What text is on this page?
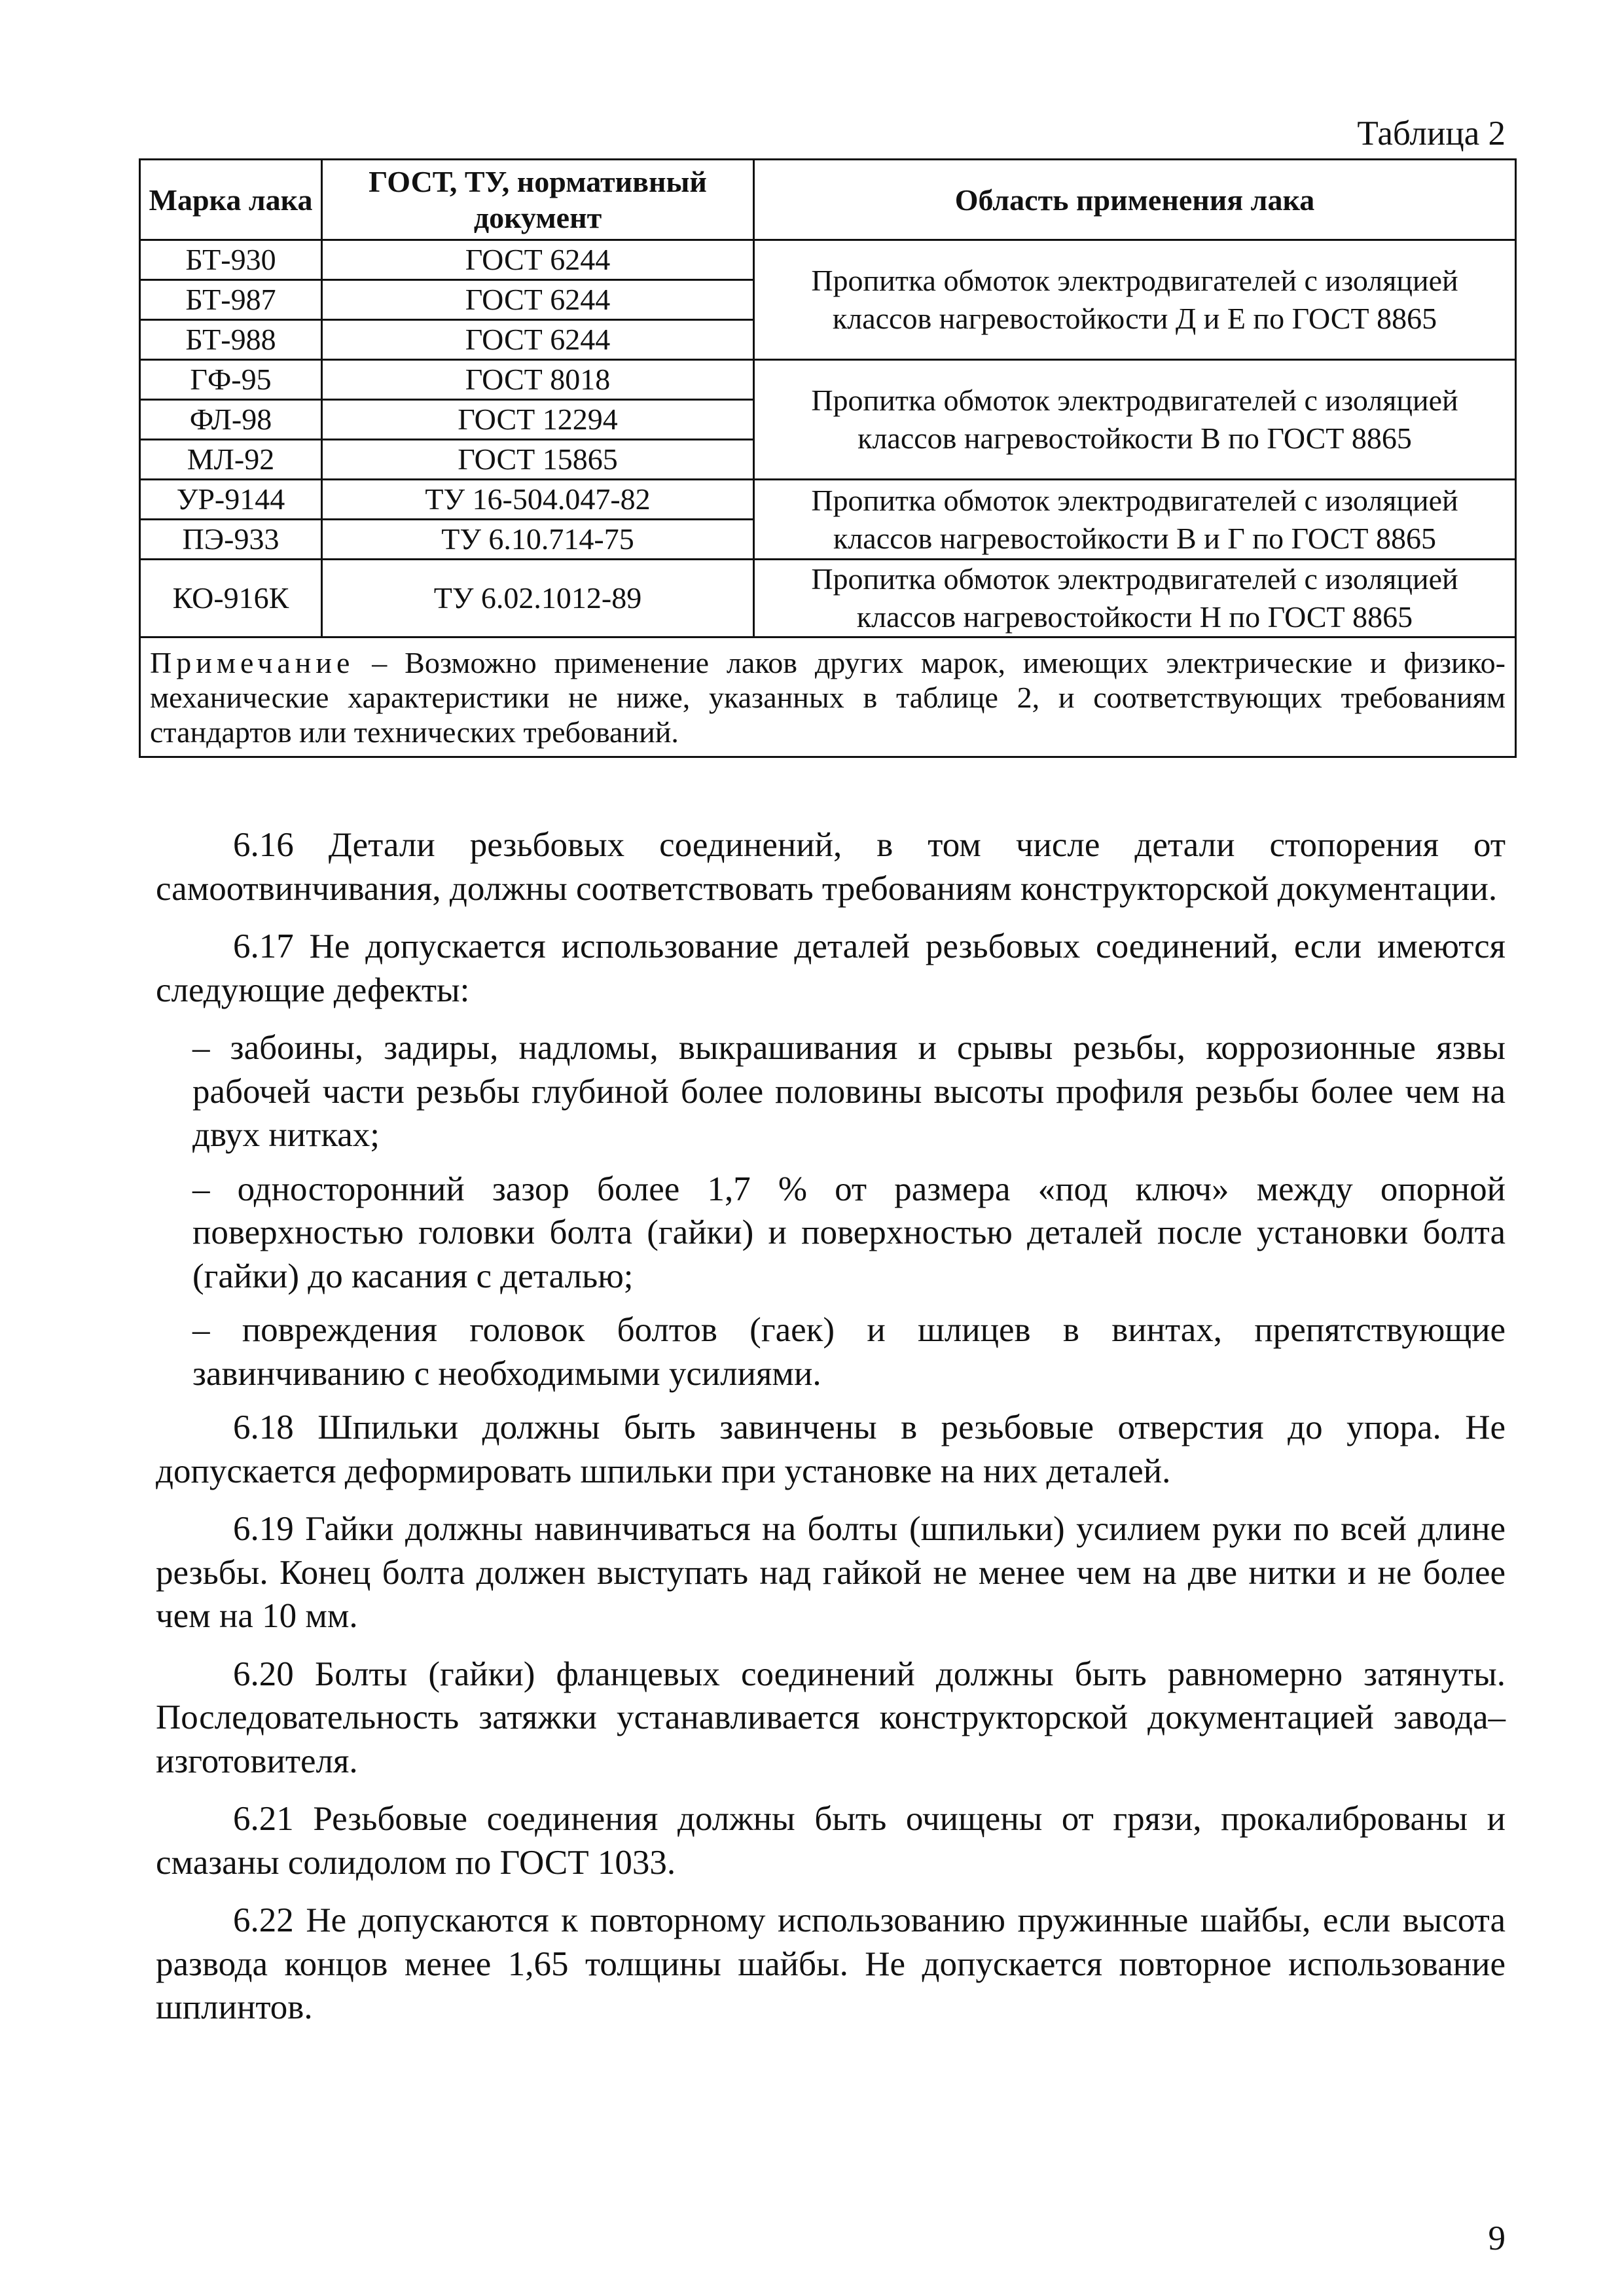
Таблица 2
Марка лака	ГОСТ, ТУ, нормативный документ	Область применения лака
БТ-930	ГОСТ 6244	Пропитка обмоток электродвигателей с изоляцией классов нагревостойкости Д и Е по ГОСТ 8865
БТ-987	ГОСТ 6244	
БТ-988	ГОСТ 6244	
ГФ-95	ГОСТ 8018	Пропитка обмоток электродвигателей с изоляцией классов нагревостойкости В по ГОСТ 8865
ФЛ-98	ГОСТ 12294	
МЛ-92	ГОСТ 15865	
УР-9144	ТУ 16-504.047-82	Пропитка обмоток электродвигателей с изоляцией классов нагревостойкости В и Г по ГОСТ 8865
ПЭ-933	ТУ 6.10.714-75	
КО-916К	ТУ 6.02.1012-89	Пропитка обмоток электродвигателей с изоляцией классов нагревостойкости Н по ГОСТ 8865
Примечание – Возможно применение лаков других марок, имеющих электрические и физико-механические характеристики не ниже, указанных в таблице 2, и соответствующих требованиям стандартов или технических требований.		

6.16 Детали резьбовых соединений, в том числе детали стопорения от самоотвинчивания, должны соответствовать требованиям конструкторской документации.

6.17 Не допускается использование деталей резьбовых соединений, если имеются следующие дефекты:

– забоины, задиры, надломы, выкрашивания и срывы резьбы, коррозионные язвы рабочей части резьбы глубиной более половины высоты профиля резьбы более чем на двух нитках;

– односторонний зазор более 1,7 % от размера «под ключ» между опорной поверхностью головки болта (гайки) и поверхностью деталей после установки болта (гайки) до касания с деталью;

– повреждения головок болтов (гаек) и шлицев в винтах, препятствующие завинчиванию с необходимыми усилиями.

6.18 Шпильки должны быть завинчены в резьбовые отверстия до упора. Не допускается деформировать шпильки при установке на них деталей.

6.19 Гайки должны навинчиваться на болты (шпильки) усилием руки по всей длине резьбы. Конец болта должен выступать над гайкой не менее чем на две нитки и не более чем на 10 мм.

6.20 Болты (гайки) фланцевых соединений должны быть равномерно затянуты. Последовательность затяжки устанавливается конструкторской документацией завода–изготовителя.

6.21 Резьбовые соединения должны быть очищены от грязи, прокалиброваны и смазаны солидолом по ГОСТ 1033.

6.22 Не допускаются к повторному использованию пружинные шайбы, если высота развода концов менее 1,65 толщины шайбы. Не допускается повторное использование шплинтов.

9
